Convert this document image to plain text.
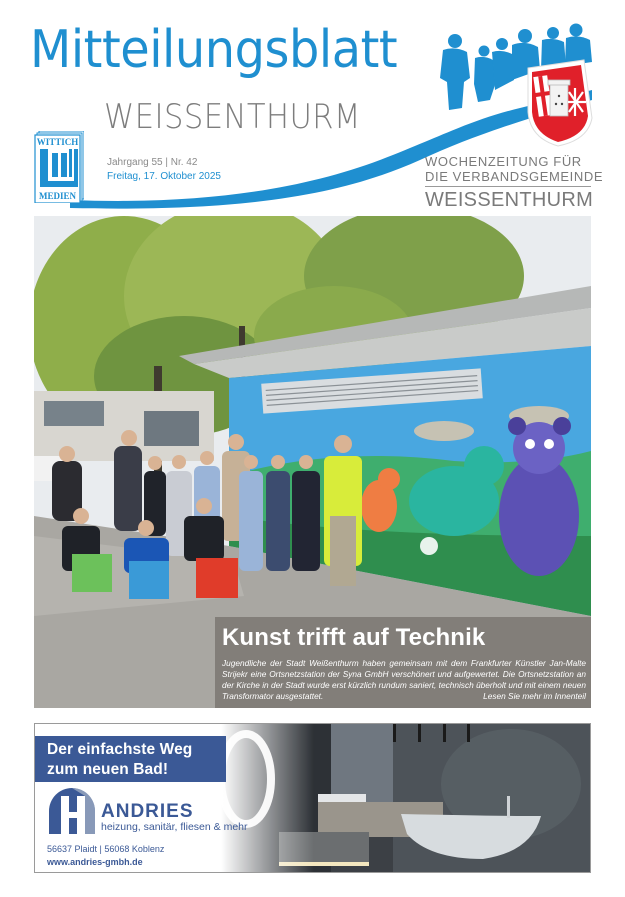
Mitteilungsblatt
WEISSENTHURM
WITTICH
MEDIEN
Jahrgang 55 | Nr. 42
Freitag, 17. Oktober 2025
WOCHENZEITUNG FÜR
DIE VERBANDSGEMEINDE
WEISSENTHURM
Kunst trifft auf Technik
Jugendliche der Stadt Weißenthurm haben gemeinsam mit dem Frankfurter Künstler Jan-Malte Strijekr eine Ortsnetzstation der Syna GmbH verschönert und aufgewertet. Die Ortsnetzstation an der Kirche in der Stadt wurde erst kürzlich rundum saniert, technisch überholt und mit einem neuen Transformator ausgestattet.	Lesen Sie mehr im Innenteil
Der einfachste Weg
zum neuen Bad!
ANDRIES
heizung, sanitär, fliesen & mehr
56637 Plaidt | 56068 Koblenz
www.andries-gmbh.de
